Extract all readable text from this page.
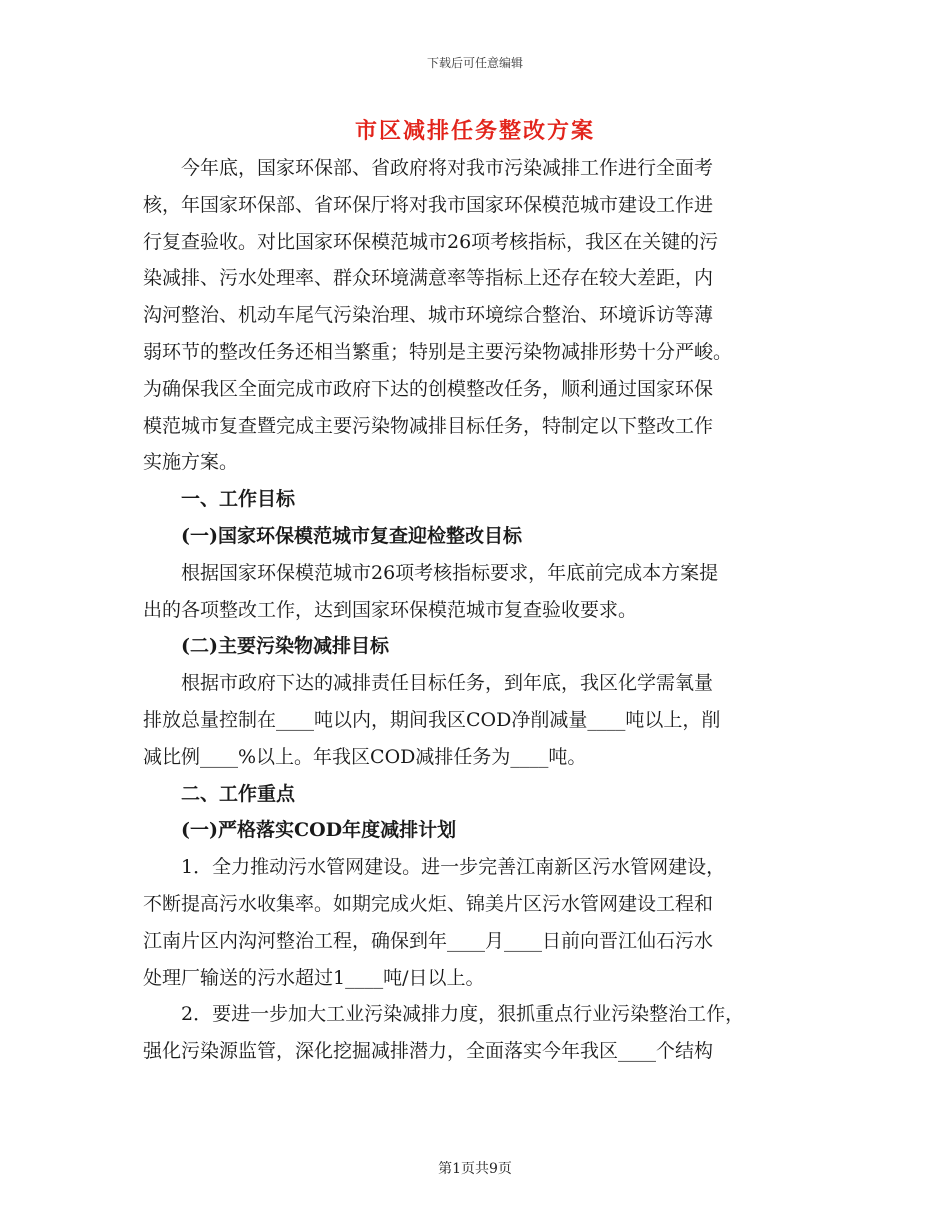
下载后可任意编辑
市区减排任务整改方案
　　今年底，国家环保部、省政府将对我市污染减排工作进行全面考
核，年国家环保部、省环保厅将对我市国家环保模范城市建设工作进
行复查验收。对比国家环保模范城市26项考核指标，我区在关键的污
染减排、污水处理率、群众环境满意率等指标上还存在较大差距，内
沟河整治、机动车尾气污染治理、城市环境综合整治、环境诉访等薄
弱环节的整改任务还相当繁重；特别是主要污染物减排形势十分严峻。
为确保我区全面完成市政府下达的创模整改任务，顺利通过国家环保
模范城市复查暨完成主要污染物减排目标任务，特制定以下整改工作
实施方案。
　　一、工作目标
　　(一)国家环保模范城市复查迎检整改目标
　　根据国家环保模范城市26项考核指标要求，年底前完成本方案提
出的各项整改工作，达到国家环保模范城市复查验收要求。
　　(二)主要污染物减排目标
　　根据市政府下达的减排责任目标任务，到年底，我区化学需氧量
排放总量控制在____吨以内，期间我区COD净削减量____吨以上，削
减比例____%以上。年我区COD减排任务为____吨。
　　二、工作重点
　　(一)严格落实COD年度减排计划
　　1．全力推动污水管网建设。进一步完善江南新区污水管网建设，
不断提高污水收集率。如期完成火炬、锦美片区污水管网建设工程和
江南片区内沟河整治工程，确保到年____月____日前向晋江仙石污水
处理厂输送的污水超过1____吨/日以上。
　　2．要进一步加大工业污染减排力度，狠抓重点行业污染整治工作，
强化污染源监管，深化挖掘减排潜力，全面落实今年我区____个结构
第1页共9页
